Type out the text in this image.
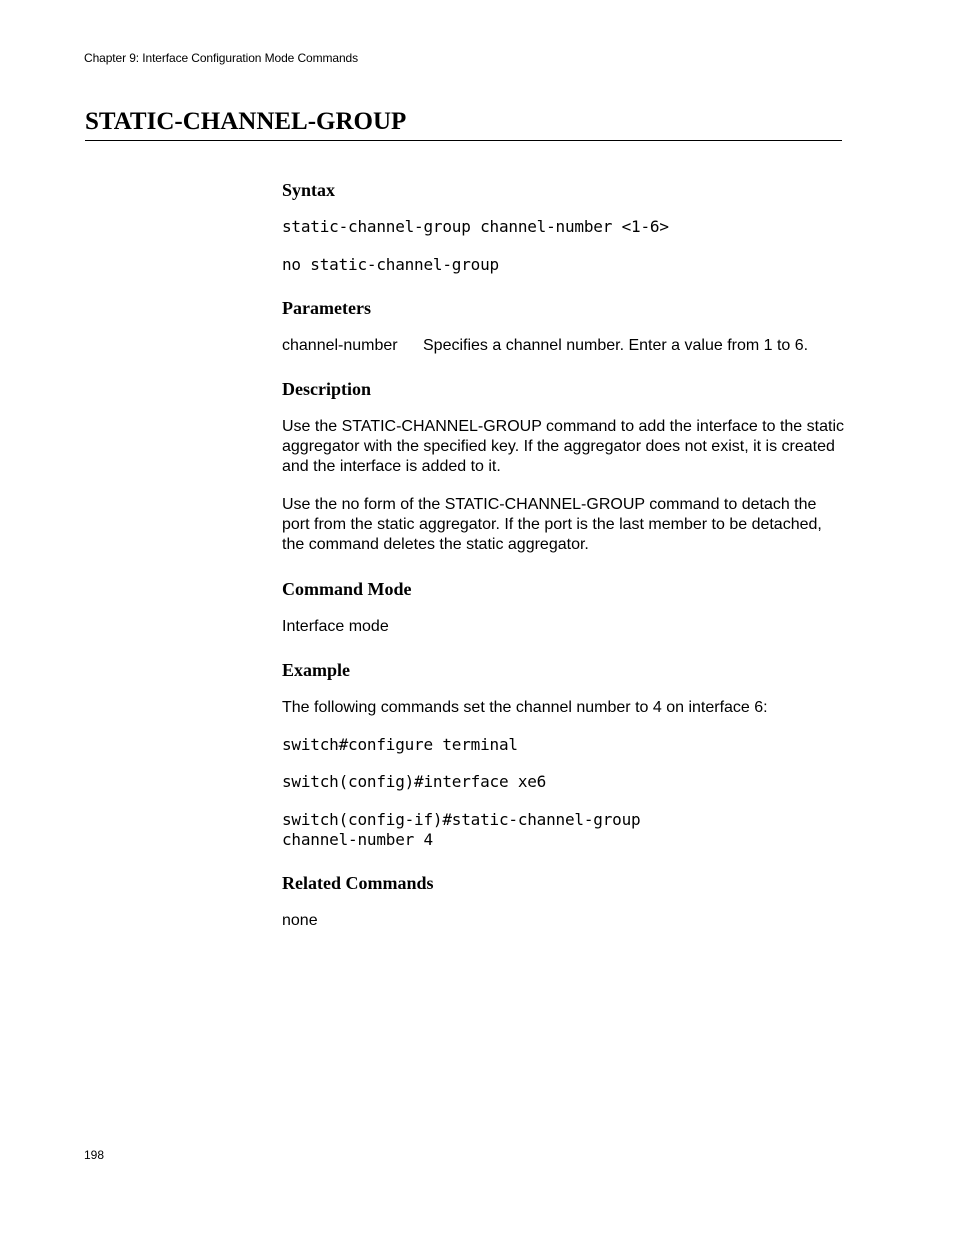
Chapter 9: Interface Configuration Mode Commands
STATIC-CHANNEL-GROUP
Syntax
static-channel-group channel-number <1-6>
no static-channel-group
Parameters
channel-number Specifies a channel number. Enter a value from 1 to 6.
Description
Use the STATIC-CHANNEL-GROUP command to add the interface to the static aggregator with the specified key. If the aggregator does not exist, it is created and the interface is added to it.
Use the no form of the STATIC-CHANNEL-GROUP command to detach the port from the static aggregator. If the port is the last member to be detached, the command deletes the static aggregator.
Command Mode
Interface mode
Example
The following commands set the channel number to 4 on interface 6:
switch#configure terminal
switch(config)#interface xe6
switch(config-if)#static-channel-group
channel-number 4
Related Commands
none
198
